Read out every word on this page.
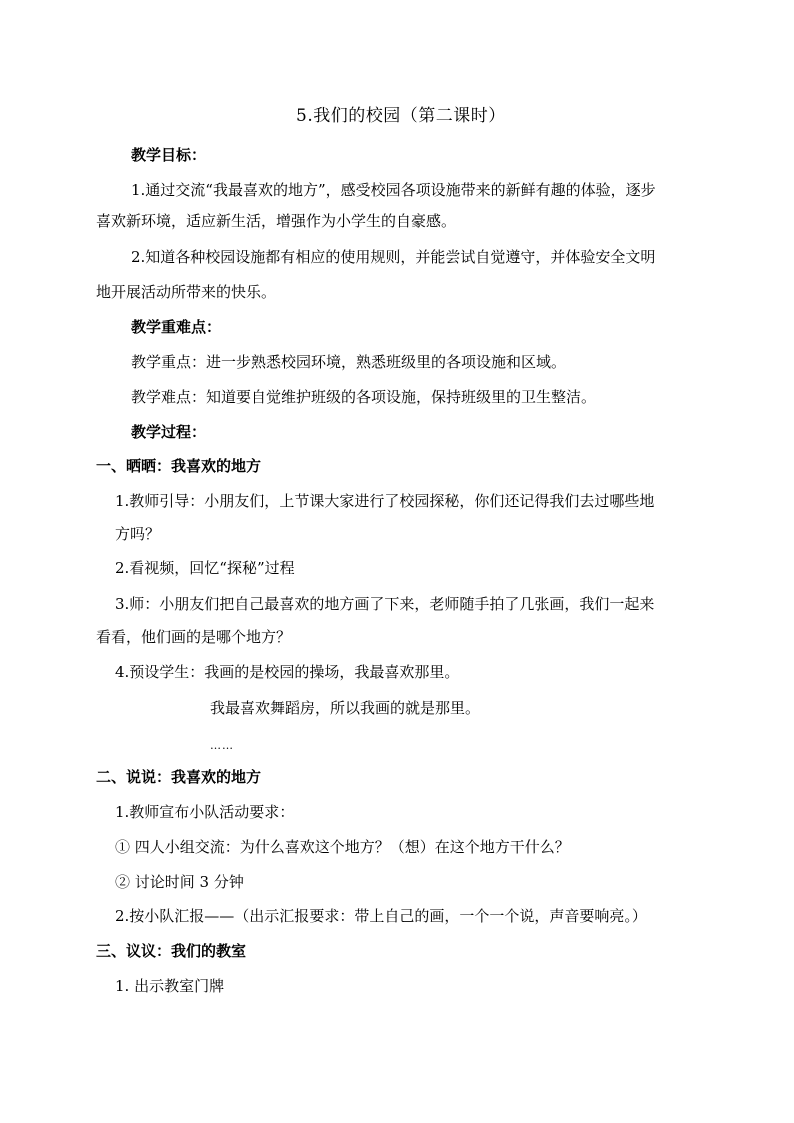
5.我们的校园（第二课时）
教学目标：
1.通过交流“我最喜欢的地方”，感受校园各项设施带来的新鲜有趣的体验，逐步
喜欢新环境，适应新生活，增强作为小学生的自豪感。
2.知道各种校园设施都有相应的使用规则，并能尝试自觉遵守，并体验安全文明
地开展活动所带来的快乐。
教学重难点：
教学重点：进一步熟悉校园环境，熟悉班级里的各项设施和区域。
教学难点：知道要自觉维护班级的各项设施，保持班级里的卫生整洁。
教学过程：
一、晒晒：我喜欢的地方
1.教师引导：小朋友们，上节课大家进行了校园探秘，你们还记得我们去过哪些地
方吗？
2.看视频，回忆“探秘”过程
3.师：小朋友们把自己最喜欢的地方画了下来，老师随手拍了几张画，我们一起来
看看，他们画的是哪个地方？
4.预设学生：我画的是校园的操场，我最喜欢那里。
我最喜欢舞蹈房，所以我画的就是那里。
……
二、说说：我喜欢的地方
1.教师宣布小队活动要求：
① 四人小组交流：为什么喜欢这个地方？（想）在这个地方干什么？
② 讨论时间 3 分钟
2.按小队汇报——（出示汇报要求：带上自己的画，一个一个说，声音要响亮。）
三、议议：我们的教室
1. 出示教室门牌
